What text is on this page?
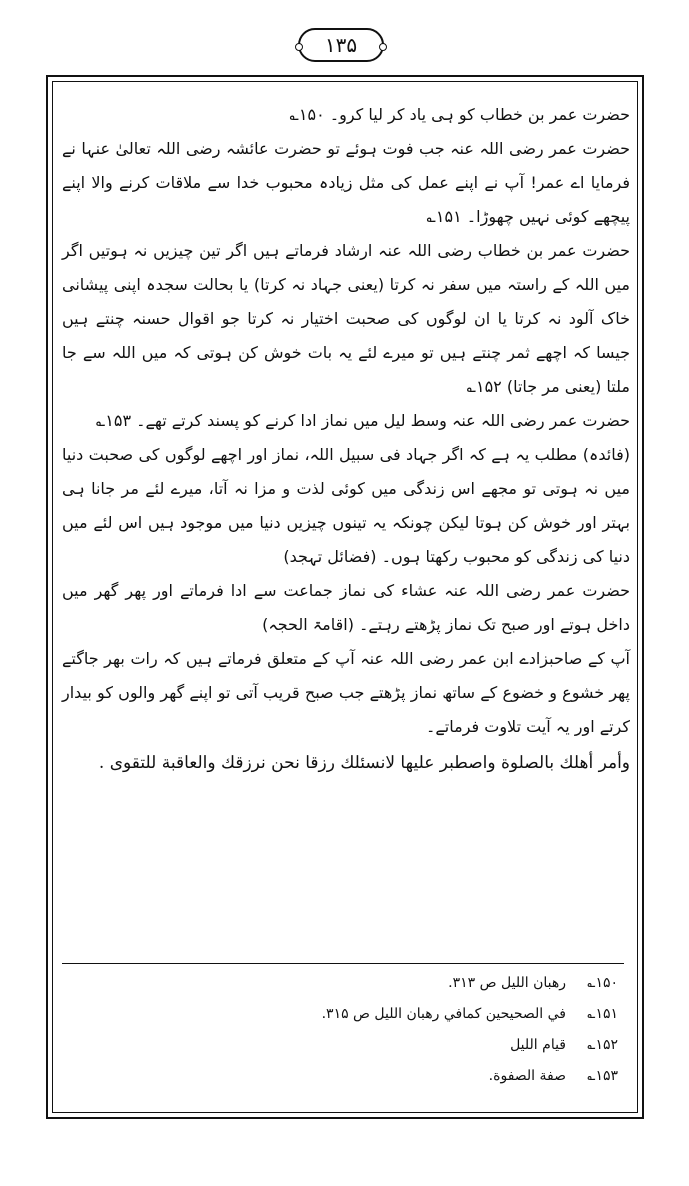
۱۳۵

حضرت عمر بن خطاب کو ہی یاد کر لیا کرو۔ ۱۵۰؎

حضرت عمر رضی اللہ عنہ جب فوت ہوئے تو حضرت عائشہ رضی اللہ تعالیٰ عنہا نے فرمایا اے عمر! آپ نے اپنے عمل کی مثل زیادہ محبوب خدا سے ملاقات کرنے والا اپنے پیچھے کوئی نہیں چھوڑا۔ ۱۵۱؎

حضرت عمر بن خطاب رضی اللہ عنہ ارشاد فرماتے ہیں اگر تین چیزیں نہ ہوتیں اگر میں اللہ کے راستہ میں سفر نہ کرتا (یعنی جہاد نہ کرتا) یا بحالت سجدہ اپنی پیشانی خاک آلود نہ کرتا یا ان لوگوں کی صحبت اختیار نہ کرتا جو اقوال حسنہ چنتے ہیں جیسا کہ اچھے ثمر چنتے ہیں تو میرے لئے یہ بات خوش کن ہوتی کہ میں اللہ سے جا ملتا (یعنی مر جاتا) ۱۵۲؎

حضرت عمر رضی اللہ عنہ وسط لیل میں نماز ادا کرنے کو پسند کرتے تھے۔ ۱۵۳؎

(فائدہ) مطلب یہ ہے کہ اگر جہاد فی سبیل اللہ، نماز اور اچھے لوگوں کی صحبت دنیا میں نہ ہوتی تو مجھے اس زندگی میں کوئی لذت و مزا نہ آتا، میرے لئے مر جانا ہی بہتر اور خوش کن ہوتا لیکن چونکہ یہ تینوں چیزیں دنیا میں موجود ہیں اس لئے میں دنیا کی زندگی کو محبوب رکھتا ہوں۔ (فضائل تہجد)

حضرت عمر رضی اللہ عنہ عشاء کی نماز جماعت سے ادا فرماتے اور پھر گھر میں داخل ہوتے اور صبح تک نماز پڑھتے رہتے۔ (اقامۃ الحجہ)

آپ کے صاحبزادے ابن عمر رضی اللہ عنہ آپ کے متعلق فرماتے ہیں کہ رات بھر جاگتے پھر خشوع و خضوع کے ساتھ نماز پڑھتے جب صبح قریب آتی تو اپنے گھر والوں کو بیدار کرتے اور یہ آیت تلاوت فرماتے۔

وأمر أهلك بالصلوة واصطبر عليها لانسئلك رزقا نحن نرزقك والعاقبة للتقوى .

۱۵۰؎
رهبان الليل ص ۳۱۳.
۱۵۱؎
في الصحيحين كمافي رهبان الليل ص ۳۱۵.
۱۵۲؎
قيام الليل
۱۵۳؎
صفة الصفوة.
